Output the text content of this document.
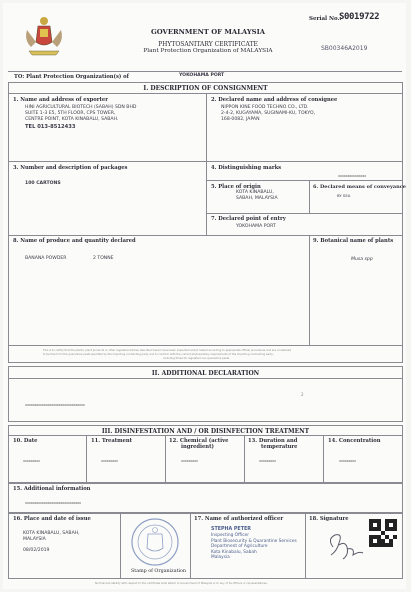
GOVERNMENT OF MALAYSIA
PHYTOSANITARY CERTIFICATE
Plant Protection Organization of MALAYSIA
Serial No.:
S0019722
SB00346A2019
TO: Plant Protection Organization(s) of	YOKOHAMA PORT
I. DESCRIPTION OF CONSIGNMENT
1. Name and address of exporter
HINI AGRICULTURAL BIOTECH (SABAH) SDN BHD
SUITE 1-3 E5, 5TH FLOOR, CPS TOWER,
CENTRE POINT, KOTA KINABALU, SABAH.
TEL 013-8512433
2. Declared name and address of consignee
NIPPON KINE FOOD TECHNO CO., LTD.
2-4-2, KUGAYAMA, SUGINAMI-KU, TOKYO,
168-0082, JAPAN
3. Number and description of packages
100 CARTONS
4. Distinguishing marks
xxxxxxxxxxxxxxx
5. Place of origin
KOTA KINABALU,
SABAH, MALAYSIA
6. Declared means of conveyance
BY SEA
7. Declared point of entry
YOKOHAMA PORT
8. Name of produce and quantity declared
BANANA POWDER	2 TONNE
9. Botanical name of plants
Musa spp
This is to certify that the plants, plant products or other regulated articles described herein have been inspected and/or tested according to appropriate official procedures and are considered
to be free from the quarantine pests specified by the importing contracting party and to conform with the current phytosanitary requirements of the importing contracting party,
including those for regulated non-quarantine pests.
II. ADDITIONAL DECLARATION
xxxxxxxxxxxxxxxxxxxxxxxxxxxxxxxx
2
III. DISINFESTATION AND / OR DISINFECTION TREATMENT
10. Date
xxxxxxxxx
11. Treatment
xxxxxxxxx
12. Chemical (active
ingredient)
xxxxxxxxx
13. Duration and
temperature
xxxxxxxxx
14. Concentration
xxxxxxxxx
15. Additional information
xxxxxxxxxxxxxxxxxxxxxxxxxxxxxx
16. Place and date of issue
KOTA KINABALU, SABAH,
MALAYSIA
08/02/2019
Stamp of Organization
17. Name of authorized officer
STEPHA PETER
Inspecting Officer
Plant Biosecurity & Quarantine Services
Department of Agriculture
Kota Kinabalu, Sabah
Malaysia
18. Signature
No financial liability with respect to this certificate shall attach to Government of Malaysia or to any of its officers or representatives.
